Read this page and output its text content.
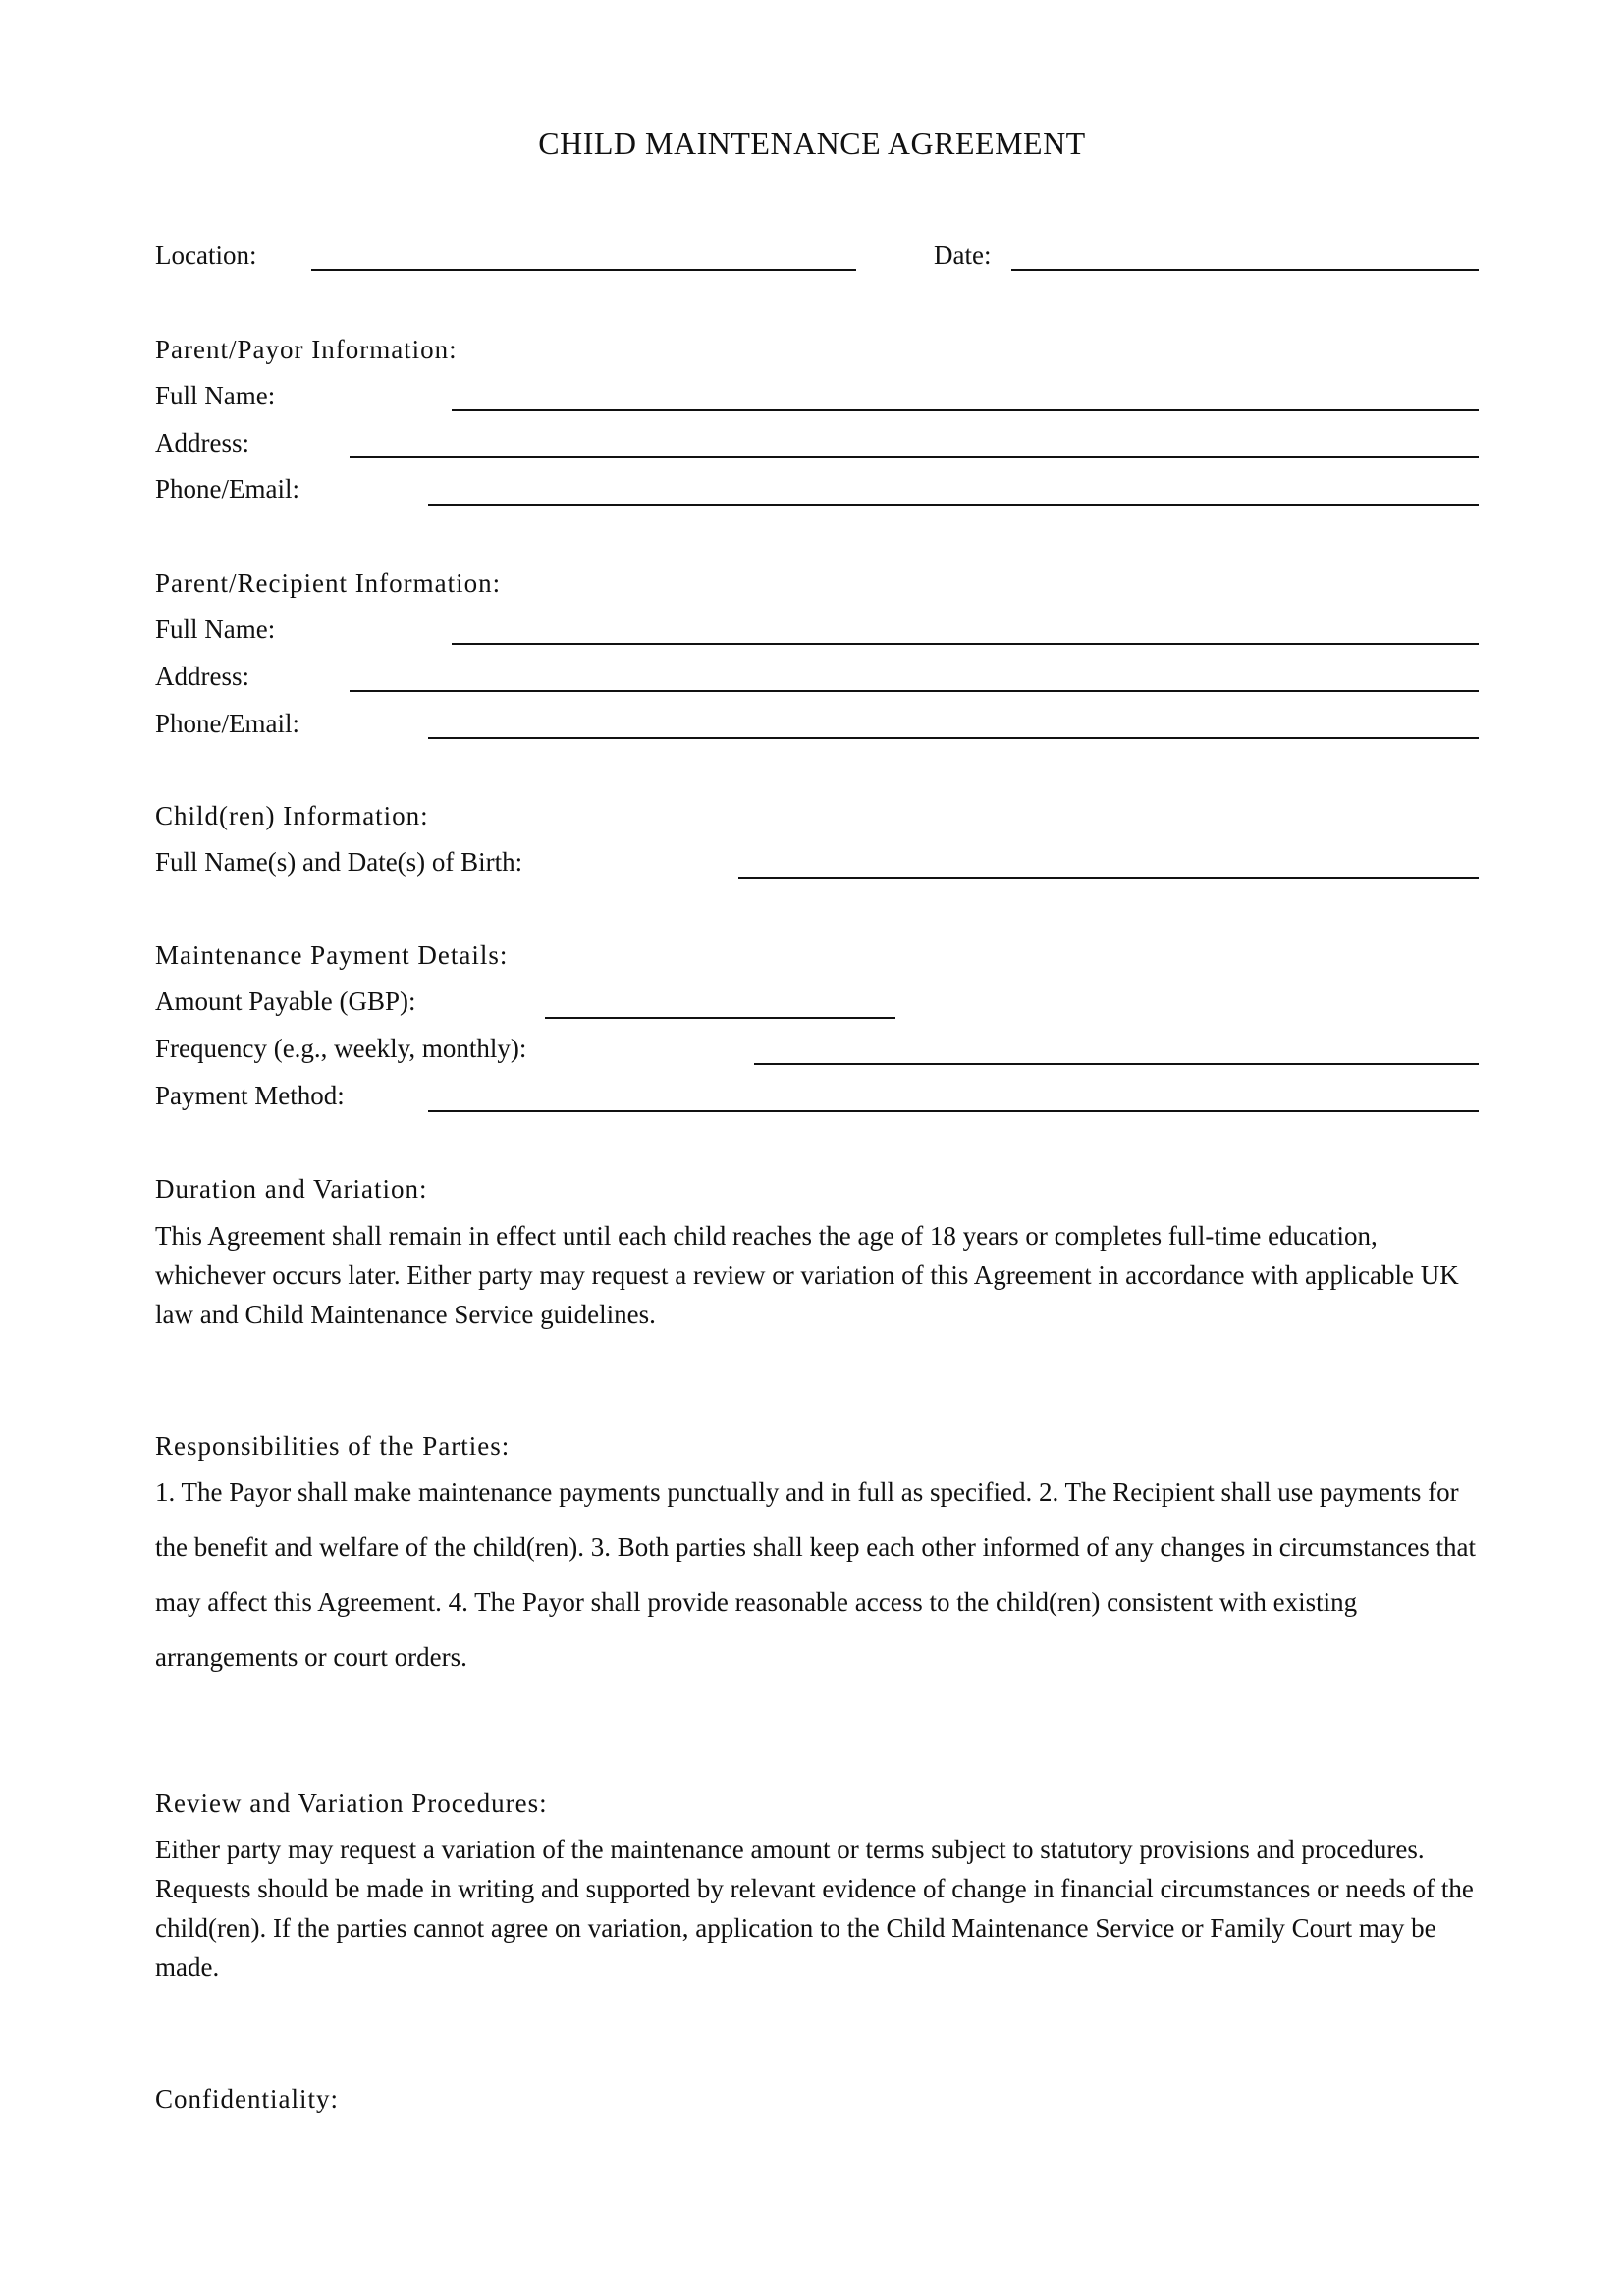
CHILD MAINTENANCE AGREEMENT
Location:	Date:
Parent/Payor Information:
Full Name:
Address:
Phone/Email:
Parent/Recipient Information:
Full Name:
Address:
Phone/Email:
Child(ren) Information:
Full Name(s) and Date(s) of Birth:
Maintenance Payment Details:
Amount Payable (GBP):
Frequency (e.g., weekly, monthly):
Payment Method:
Duration and Variation:
This Agreement shall remain in effect until each child reaches the age of 18 years or completes full-time education, whichever occurs later. Either party may request a review or variation of this Agreement in accordance with applicable UK law and Child Maintenance Service guidelines.
Responsibilities of the Parties:
1. The Payor shall make maintenance payments punctually and in full as specified. 2. The Recipient shall use payments for the benefit and welfare of the child(ren). 3. Both parties shall keep each other informed of any changes in circumstances that may affect this Agreement. 4. The Payor shall provide reasonable access to the child(ren) consistent with existing arrangements or court orders.
Review and Variation Procedures:
Either party may request a variation of the maintenance amount or terms subject to statutory provisions and procedures. Requests should be made in writing and supported by relevant evidence of change in financial circumstances or needs of the child(ren). If the parties cannot agree on variation, application to the Child Maintenance Service or Family Court may be made.
Confidentiality:
